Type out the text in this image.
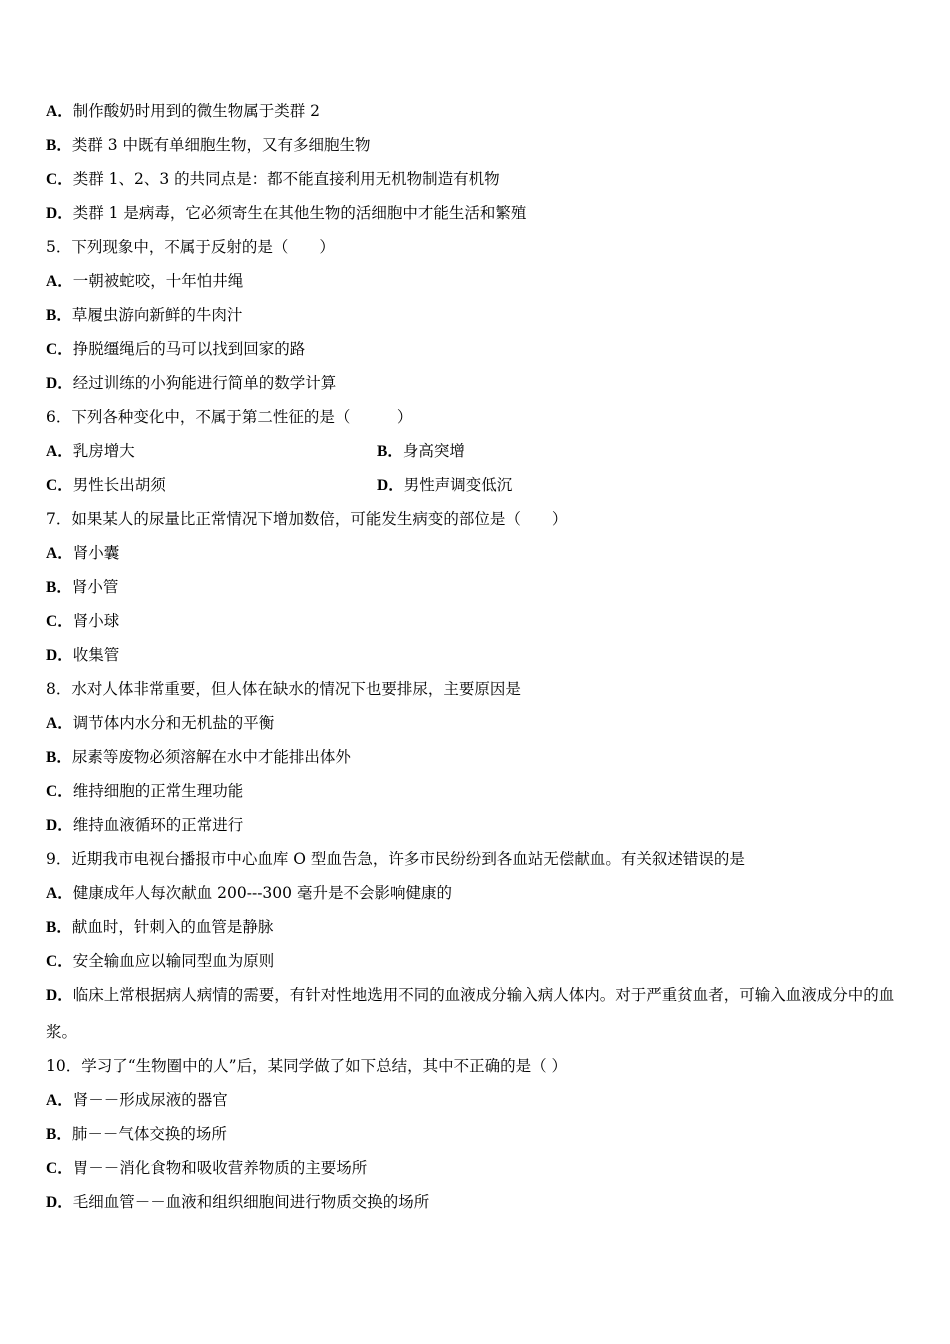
A．制作酸奶时用到的微生物属于类群 2
B．类群 3 中既有单细胞生物，又有多细胞生物
C．类群 1、2、3 的共同点是：都不能直接利用无机物制造有机物
D．类群 1 是病毒，它必须寄生在其他生物的活细胞中才能生活和繁殖
5．下列现象中，不属于反射的是（　　）
A．一朝被蛇咬，十年怕井绳
B．草履虫游向新鲜的牛肉汁
C．挣脱缰绳后的马可以找到回家的路
D．经过训练的小狗能进行简单的数学计算
6．下列各种变化中，不属于第二性征的是（　　　）
A．乳房增大	B．身高突增
C．男性长出胡须	D．男性声调变低沉
7．如果某人的尿量比正常情况下增加数倍，可能发生病变的部位是（　　）
A．肾小囊
B．肾小管
C．肾小球
D．收集管
8．水对人体非常重要，但人体在缺水的情况下也要排尿，主要原因是
A．调节体内水分和无机盐的平衡
B．尿素等废物必须溶解在水中才能排出体外
C．维持细胞的正常生理功能
D．维持血液循环的正常进行
9．近期我市电视台播报市中心血库 O 型血告急，许多市民纷纷到各血站无偿献血。有关叙述错误的是
A．健康成年人每次献血 200---300 毫升是不会影响健康的
B．献血时，针刺入的血管是静脉
C．安全输血应以输同型血为原则
D．临床上常根据病人病情的需要，有针对性地选用不同的血液成分输入病人体内。对于严重贫血者，可输入血液成分中的血浆。
10．学习了“生物圈中的人”后，某同学做了如下总结，其中不正确的是（ ）
A．肾－－形成尿液的器官
B．肺－－气体交换的场所
C．胃－－消化食物和吸收营养物质的主要场所
D．毛细血管－－血液和组织细胞间进行物质交换的场所
